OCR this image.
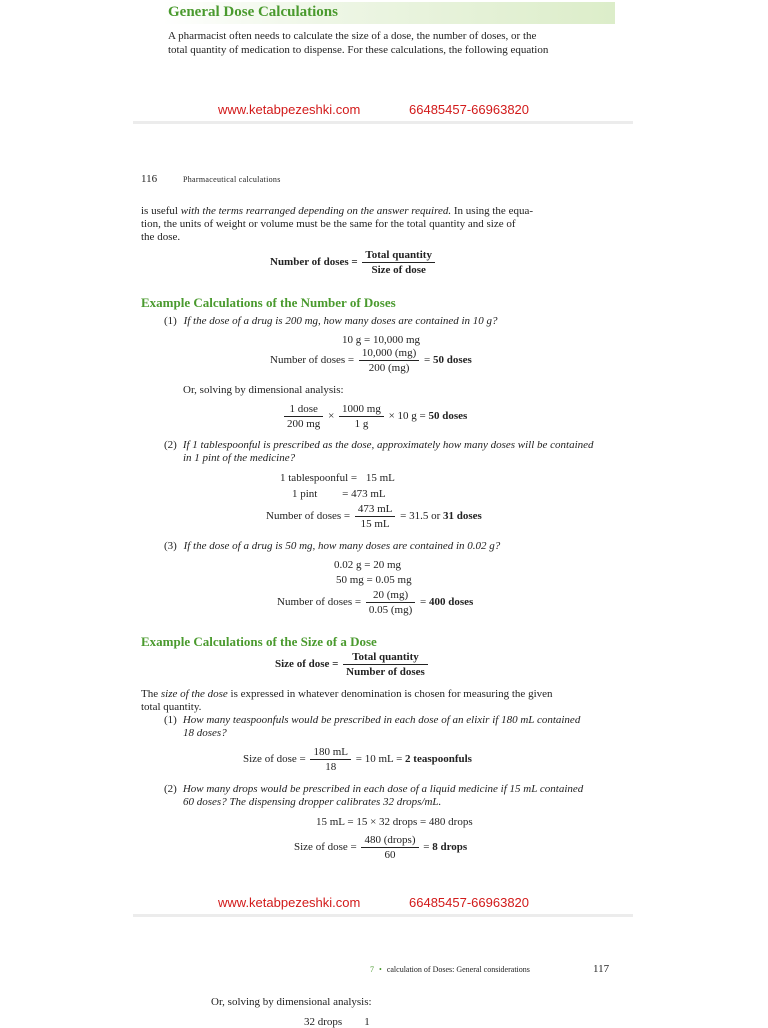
General Dose Calculations
A pharmacist often needs to calculate the size of a dose, the number of doses, or the
total quantity of medication to dispense. For these calculations, the following equation
www.ketabpezeshki.com	66485457-66963820
116	Pharmaceutical calculations
is useful with the terms rearranged depending on the answer required. In using the equa-
tion, the units of weight or volume must be the same for the total quantity and size of
the dose.
Number of doses = $\frac{\text{Total quantity}}{\text{Size of dose}}$
Example Calculations of the Number of Doses
(1) If the dose of a drug is 200 mg, how many doses are contained in 10 g?
10 g = 10,000 mg
Number of doses = $\frac{10,000 (mg)}{200 (mg)} = 50$ doses
Or, solving by dimensional analysis:
$\frac{\text{1 dose}}{200 mg} \times \frac{1000 mg}{1 g} \times 10$ g = 50 doses
(2) If 1 tablespoonful is prescribed as the dose, approximately how many doses will be contained
in 1 pint of the medicine?
1 tablespoonful = 15 mL
1 pint = 473 mL
Number of doses = $\frac{473 mL}{15 mL} = 31.5$ or 31 doses
(3) If the dose of a drug is 50 mg, how many doses are contained in 0.02 g?
0.02 g = 20 mg
50 mg = 0.05 mg
Number of doses = $\frac{20 (mg)}{0.05 (mg)} = 400$ doses
Example Calculations of the Size of a Dose
Size of dose = $\frac{\text{Total quantity}}{\text{Number of doses}}$
The size of the dose is expressed in whatever denomination is chosen for measuring the given
total quantity.
(1) How many teaspoonfuls would be prescribed in each dose of an elixir if 180 mL contained
18 doses?
Size of dose = $\frac{180 mL}{18} = 10$ mL = 2 teaspoonfuls
(2) How many drops would be prescribed in each dose of a liquid medicine if 15 mL contained
60 doses? The dispensing dropper calibrates 32 drops/mL.
15 mL = 15 × 32 drops = 480 drops
Size of dose = $\frac{\text{480 (drops)}}{60} = 8$ drops
www.ketabpezeshki.com	66485457-66963820
7 • calculation of Doses: General considerations	117
Or, solving by dimensional analysis:
32 drops        1
